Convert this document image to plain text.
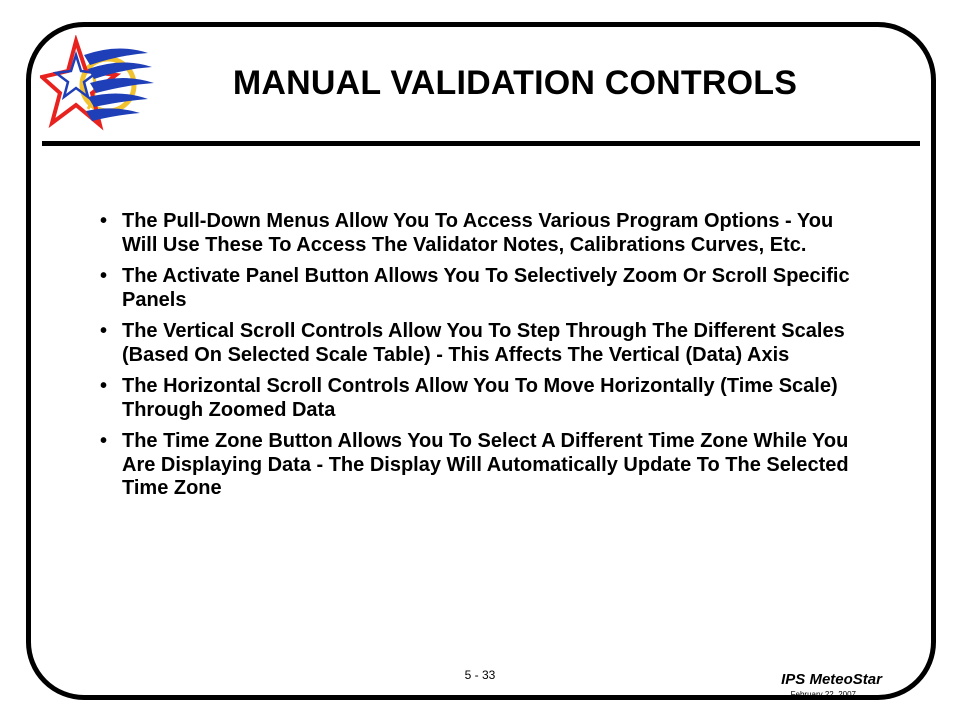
MANUAL VALIDATION CONTROLS
• The Pull-Down Menus Allow You To Access Various Program Options - You Will Use These To Access The Validator Notes, Calibrations Curves, Etc.
• The Activate Panel Button Allows You To Selectively Zoom Or Scroll Specific Panels
• The Vertical Scroll Controls Allow You To Step Through The Different Scales (Based On Selected Scale Table) - This Affects The Vertical (Data) Axis
• The Horizontal Scroll Controls Allow You To Move Horizontally (Time Scale) Through Zoomed Data
• The Time Zone Button Allows You To Select A Different Time Zone While You Are Displaying Data - The Display Will Automatically Update To The Selected Time Zone
5 - 33	IPS MeteoStar
February 22, 2007
